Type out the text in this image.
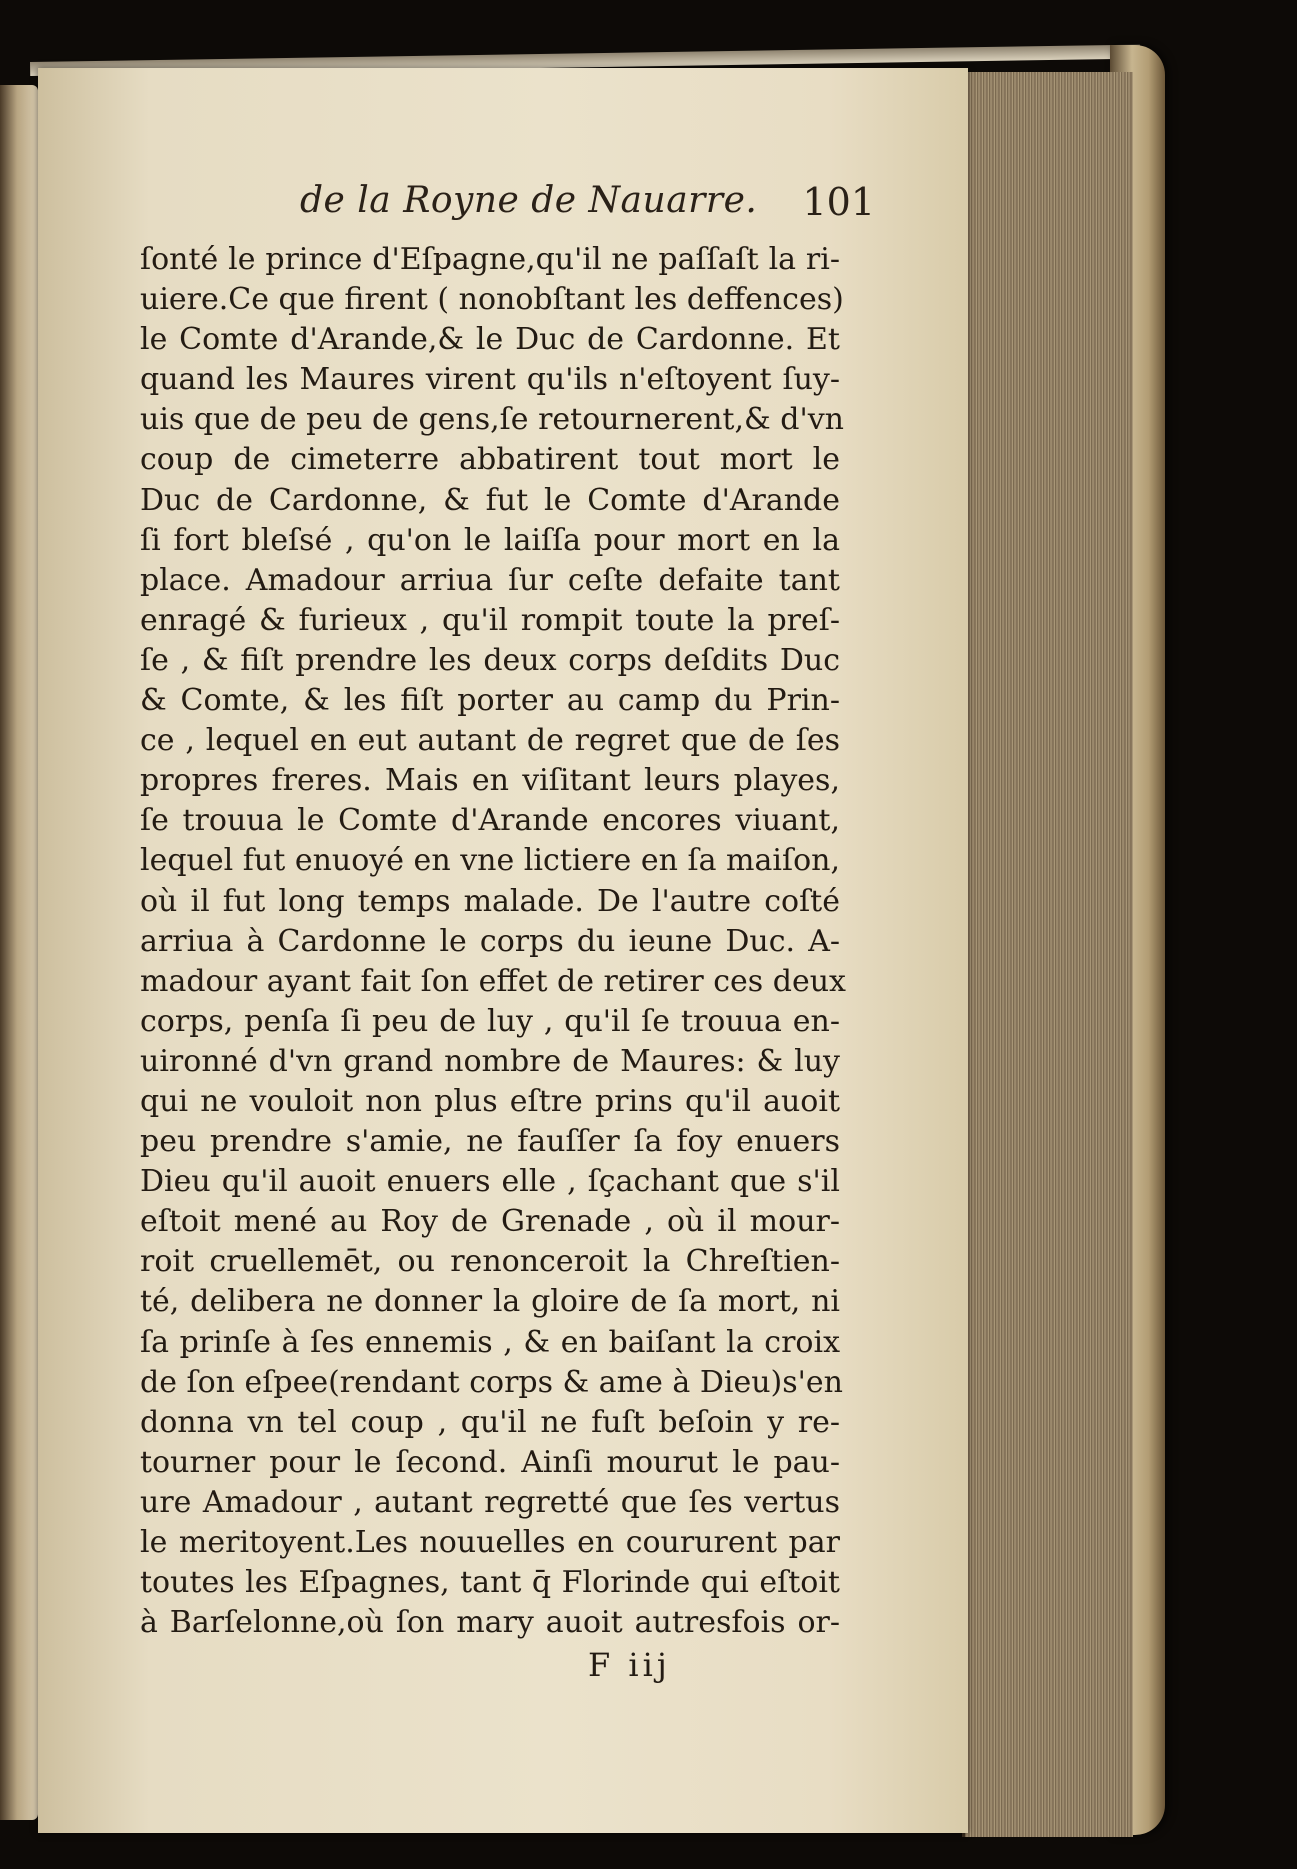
de la Royne de Nauarre. 101
ſonté le prince d'Eſpagne,qu'il ne paſſaſt la ri-
uiere.Ce que firent ( nonobſtant les deffences)
le Comte d'Arande,& le Duc de Cardonne. Et
quand les Maures virent qu'ils n'eſtoyent ſuy-
uis que de peu de gens,ſe retournerent,& d'vn
coup de cimeterre abbatirent tout mort le
Duc de Cardonne, & fut le Comte d'Arande
ſi fort bleſsé , qu'on le laiſſa pour mort en la
place. Amadour arriua ſur ceſte defaite tant
enragé & furieux , qu'il rompit toute la preſ-
ſe , & fiſt prendre les deux corps deſdits Duc
& Comte, & les fiſt porter au camp du Prin-
ce , lequel en eut autant de regret que de ſes
propres freres. Mais en viſitant leurs playes,
ſe trouua le Comte d'Arande encores viuant,
lequel fut enuoyé en vne lictiere en ſa maiſon,
où il fut long temps malade. De l'autre coſté
arriua à Cardonne le corps du ieune Duc. A-
madour ayant fait ſon effet de retirer ces deux
corps, penſa ſi peu de luy , qu'il ſe trouua en-
uironné d'vn grand nombre de Maures: & luy
qui ne vouloit non plus eſtre prins qu'il auoit
peu prendre s'amie, ne fauſſer ſa foy enuers
Dieu qu'il auoit enuers elle , ſçachant que s'il
eſtoit mené au Roy de Grenade , où il mour-
roit cruellemēt, ou renonceroit la Chreſtien-
té, delibera ne donner la gloire de ſa mort, ni
ſa prinſe à ſes ennemis , & en baiſant la croix
de ſon eſpee(rendant corps & ame à Dieu)s'en
donna vn tel coup , qu'il ne fuſt beſoin y re-
tourner pour le ſecond. Ainſi mourut le pau-
ure Amadour , autant regretté que ſes vertus
le meritoyent.Les nouuelles en coururent par
toutes les Eſpagnes, tant q̄ Florinde qui eſtoit
à Barſelonne,où ſon mary auoit autresfois or-
F iij
